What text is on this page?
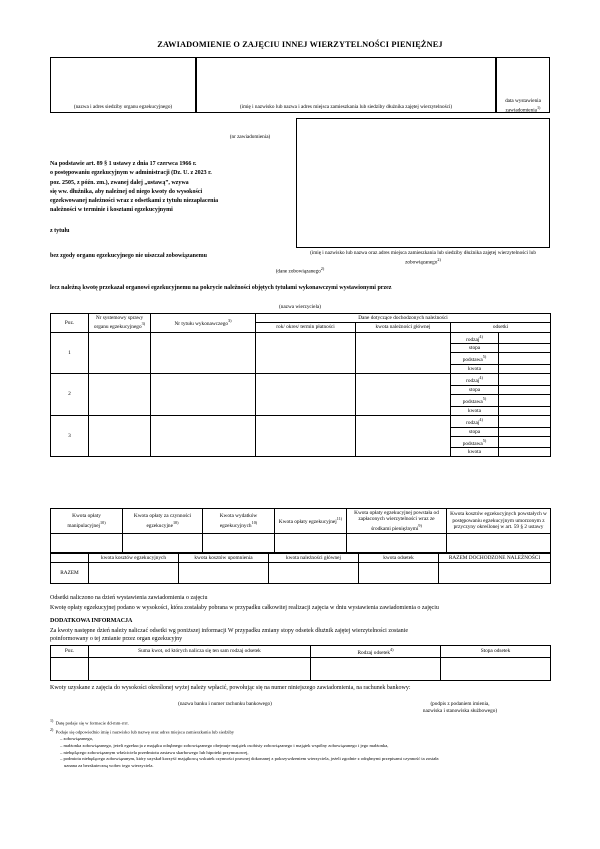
ZAWIADOMIENIE O ZAJĘCIU INNEJ WIERZYTELNOŚCI PIENIĘŻNEJ
(nazwa i adres siedziby organu egzekucyjnego)	(imię i nazwisko lub nazwa i adres miejsca zamieszkania lub siedziby dłużnika zajętej wierzytelności)
data wystawienia zawiadomienia$^{1)}$
(nr zawiadomienia)
Na podstawie art. 89 § 1 ustawy z dnia 17 czerwca 1966 r.
o postępowaniu egzekucyjnym w administracji (Dz. U. z 2023 r.
poz. 2505, z późn. zm.), zwanej dalej „ustawą”, wzywa
się ww. dłużnika, aby należnej od niego kwoty do wysokości
egzekwowanej należności wraz z odsetkami z tytułu niezapłacenia
należności w terminie i kosztami egzekucyjnymi
z tytułu
(imię i nazwisko lub nazwa oraz adres miejsca zamieszkania lub siedziby dłużnika zajętej wierzytelności lub zobowiązanego$^{2)}$
bez zgody organu egzekucyjnego nie uiszczał zobowiązanemu
(dane zobowiązanego$^{2)}$
lecz należną kwotę przekazał organowi egzekucyjnemu na pokrycie należności objętych tytułami wykonawczymi wystawionymi przez
(nazwa wierzyciela)
Poz.	Nr systemowy sprawy organu egzekucyjnego$^{3)}$	Nr tytułu wykonawczego$^{3)}$	Dane dotyczące dochodzonych należności			
			rok/ okres/ termin płatności	kwota należności głównej	odsetki	
1					rodzaj$^{4)}$	
					stopa	
					podstawa$^{5)}$	
					kwota	
2					rodzaj$^{4)}$	
					stopa	
					podstawa$^{5)}$	
					kwota	
3					rodzaj$^{4)}$	
					stopa	
					podstawa$^{5)}$	
					kwota	
Kwota opłaty manipulacyjnej$^{10)}$	Kwota opłaty za czynności egzekucyjne$^{10)}$	Kwota wydatków egzekucyjnych$^{10)}$	Kwota opłaty egzekucyjnej$^{11)}$	Kwota opłaty egzekucyjnej powstała od zapłaconych wierzytelności wraz ze środkami pieniężnymi$^{9)}$	Kwota kosztów egzekucyjnych powstałych w postępowaniu egzekucyjnym umorzonym z przyczyny określonej w art. 59 § 2 ustawy

	kwota kosztów egzekucyjnych	kwota kosztów upomnienia	kwota należności głównej	kwota odsetek	RAZEM DOCHODZONE NALEŻNOŚCI
RAZEM					
Odsetki naliczono na dzień wystawienia zawiadomienia o zajęciu
Kwotę opłaty egzekucyjnej podano w wysokości, która zostałaby pobrana w przypadku całkowitej realizacji zajęcia w dniu wystawienia zawiadomienia o zajęciu
DODATKOWA INFORMACJA
Za kwoty następne dzień należy naliczać odsetki wg poniższej informacji W przypadku zmiany stopy odsetek dłużnik zajętej wierzytelności zostanie
poinformowany o tej zmianie przez organ egzekucyjny
Poz.	Suma kwot, od których nalicza się ten sam rodzaj odsetek	Rodzaj odsetek$^{4)}$	Stopa odsetek

Kwoty uzyskane z zajęcia do wysokości określonej wyżej należy wpłacić, powołując się na numer niniejszego zawiadomienia, na rachunek bankowy:
(nazwa banku i numer rachunku bankowego)	(podpis z podaniem imienia,
nazwiska i stanowiska służbowego)
1)  Datę podaje się w formacie dd-mm-rrrr.
2)  Podaje się odpowiednio imię i nazwisko lub nazwę oraz adres miejsca zamieszkania lub siedziby
– zobowiązanego,
– małżonka zobowiązanego, jeżeli egzekucja z majątku odrębnego zobowiązanego obejmuje majątek osobisty zobowiązanego i majątek wspólny zobowiązanego i jego małżonka,
– niebędącego zobowiązanym właściciela przedmiotu zastawu skarbowego lub hipoteki przymusowej,
– podmiotu niebędącego zobowiązanym, który uzyskał korzyść majątkową wskutek czynności prawnej dokonanej z pokrzywdzeniem wierzyciela, jeżeli zgodnie z odrębnymi przepisami czynność ta została
uznana za bezskuteczną wobec tego wierzyciela.
